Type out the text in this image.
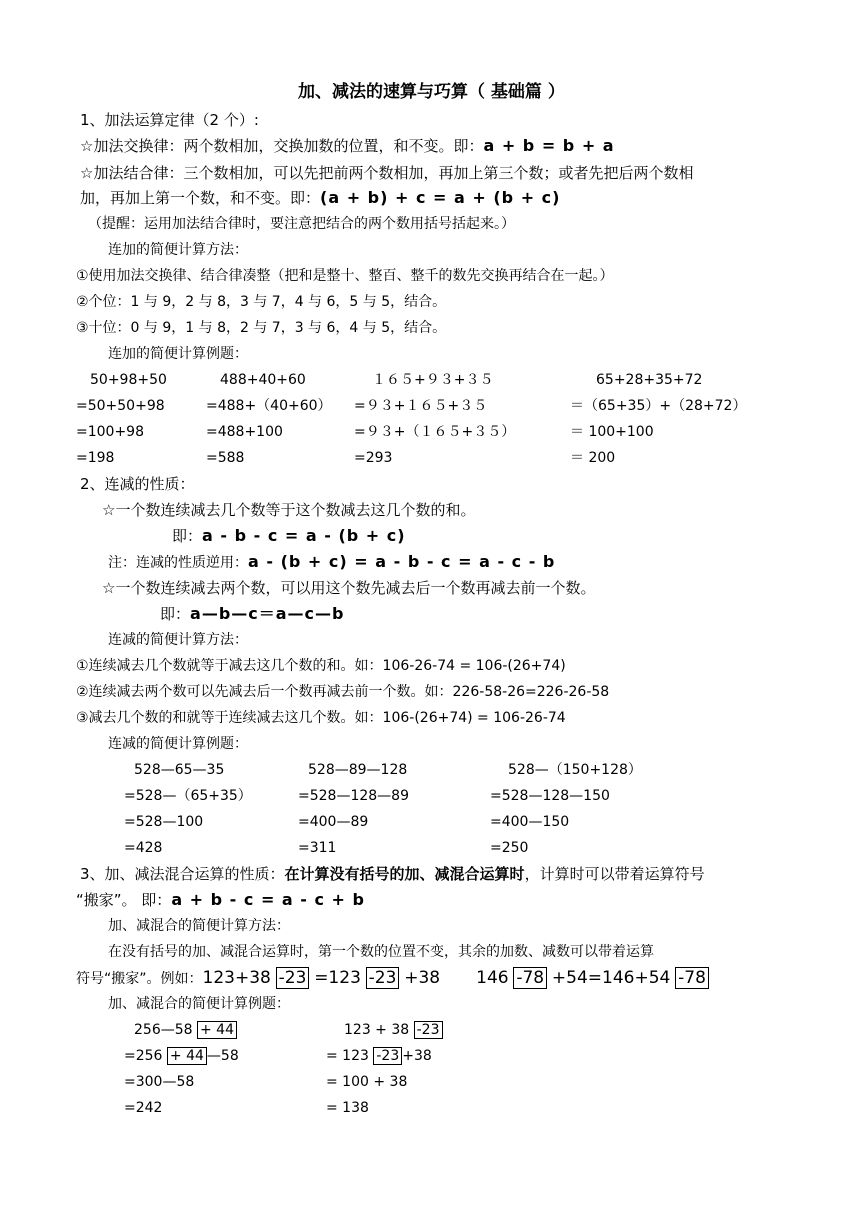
加、减法的速算与巧算（ 基础篇 ）
1、加法运算定律（2 个）:
☆加法交换律：两个数相加，交换加数的位置，和不变。即：a + b = b + a
☆加法结合律：三个数相加，可以先把前两个数相加，再加上第三个数；或者先把后两个数相
加，再加上第一个数，和不变。即：(a + b) + c = a + (b + c)
（提醒：运用加法结合律时，要注意把结合的两个数用括号括起来。）
连加的简便计算方法：
①使用加法交换律、结合律凑整（把和是整十、整百、整千的数先交换再结合在一起。）
②个位：1 与 9，2 与 8，3 与 7，4 与 6，5 与 5，结合。
③十位：0 与 9，1 与 8，2 与 7，3 与 6，4 与 5，结合。
连加的简便计算例题：
50+98+50
=50+50+98
=100+98
=198
488+40+60
=488+（40+60）
=488+100
=588
１６５+９３+３５
=９３+１６５+３５
=９３+（１６５+３５）
=293
65+28+35+72
＝（65+35）+（28+72）
＝ 100+100
＝ 200
2、连减的性质：
☆一个数连续减去几个数等于这个数减去这几个数的和。
即：a - b - c = a - (b + c)
注：连减的性质逆用：a - (b + c) = a - b - c = a - c - b
☆一个数连续减去两个数，可以用这个数先减去后一个数再减去前一个数。
即：a—b—c＝a—c—b
连减的简便计算方法：
①连续减去几个数就等于减去这几个数的和。如：106-26-74 = 106-(26+74)
②连续减去两个数可以先减去后一个数再减去前一个数。如：226-58-26=226-26-58
③减去几个数的和就等于连续减去这几个数。如：106-(26+74) = 106-26-74
连减的简便计算例题：
528—65—35
=528—（65+35）
=528—100
=428
528—89—128
=528—128—89
=400—89
=311
528—（150+128）
=528—128—150
=400—150
=250
3、加、减法混合运算的性质：在计算没有括号的加、减混合运算时，计算时可以带着运算符号
“搬家”。 即：a + b - c = a - c + b
加、减混合的简便计算方法：
在没有括号的加、减混合运算时，第一个数的位置不变，其余的加数、减数可以带着运算
符号“搬家”。例如：123+38 -23 =123 -23 +38 146 -78 +54=146+54 -78
加、减混合的简便计算例题：
256—58 + 44
=256 + 44 —58
=300—58
=242
123 + 38 -23
= 123 -23 +38
= 100 + 38
= 138
